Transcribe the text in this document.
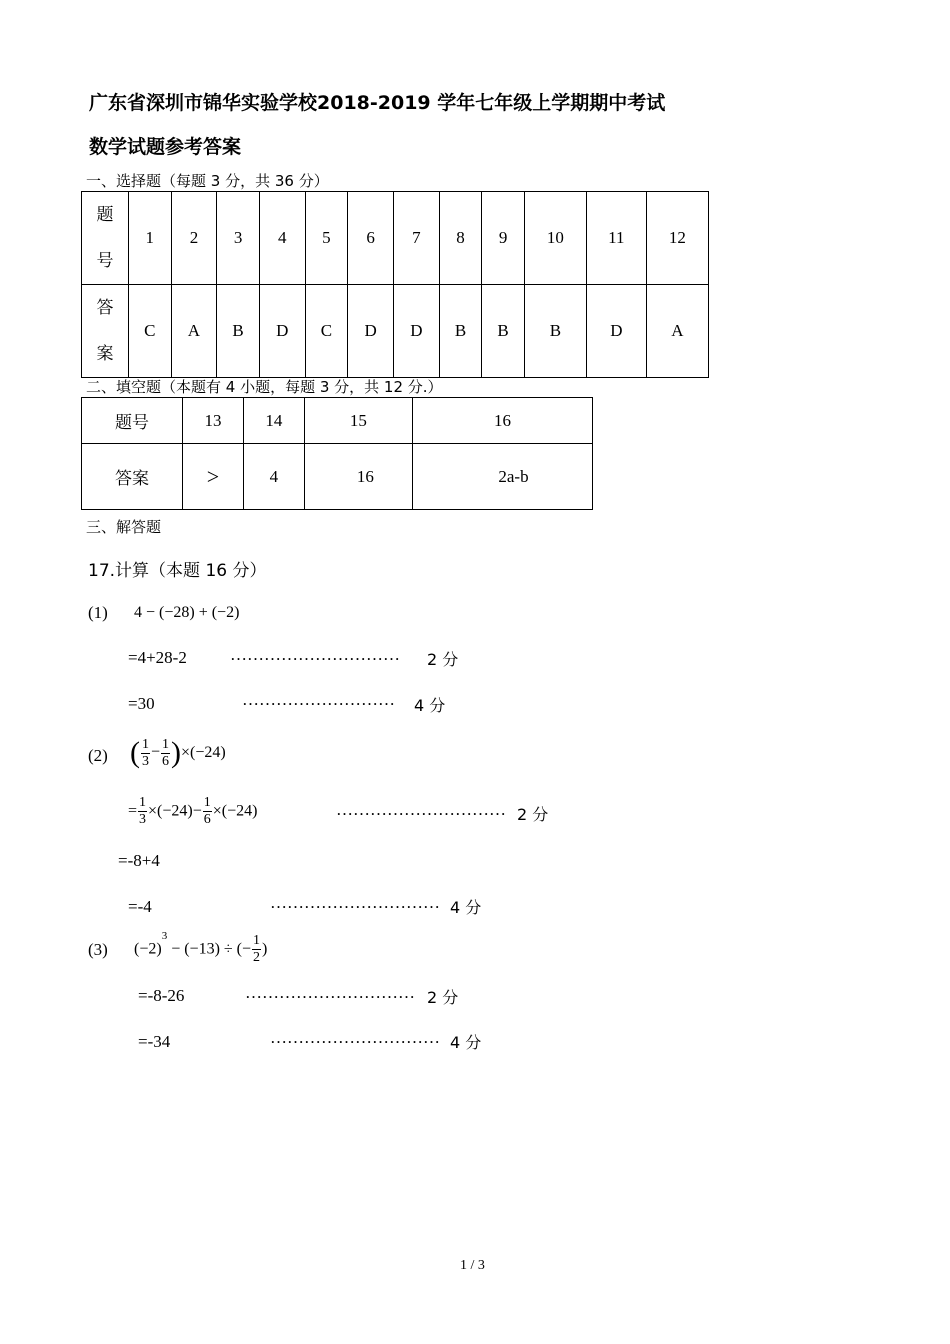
广东省深圳市锦华实验学校2018-2019 学年七年级上学期期中考试
数学试题参考答案
一、选择题（每题 3 分，共 36 分）
题
号	1	2	3	4	5	6	7	8	9	10	11	12
答
案	C	A	B	D	C	D	D	B	B	B	D	A
二、填空题（本题有 4 小题，每题 3 分，共 12 分.）
题号	13	14	15	16
答案	>	4	16	2a-b
三、解答题
17.计算（本题 16 分）
(1) 4 − (−28) + (−2)
=4+28-2	………………………… 2 分
=30	……………………… 4 分
(2) ( $\frac{1}{3} - \frac{1}{6} )\times(-24)$
= $\frac{1}{3} \times(-24)- \frac{1}{6} \times(-24)$	………………………… 2 分
=-8+4
=-4	………………………… 4 分
(3) $(-2)^3 - (-13)$ ÷ (− $\frac{1}{2}$ )
=-8-26	………………………… 2 分
=-34	………………………… 4 分
1 / 3
